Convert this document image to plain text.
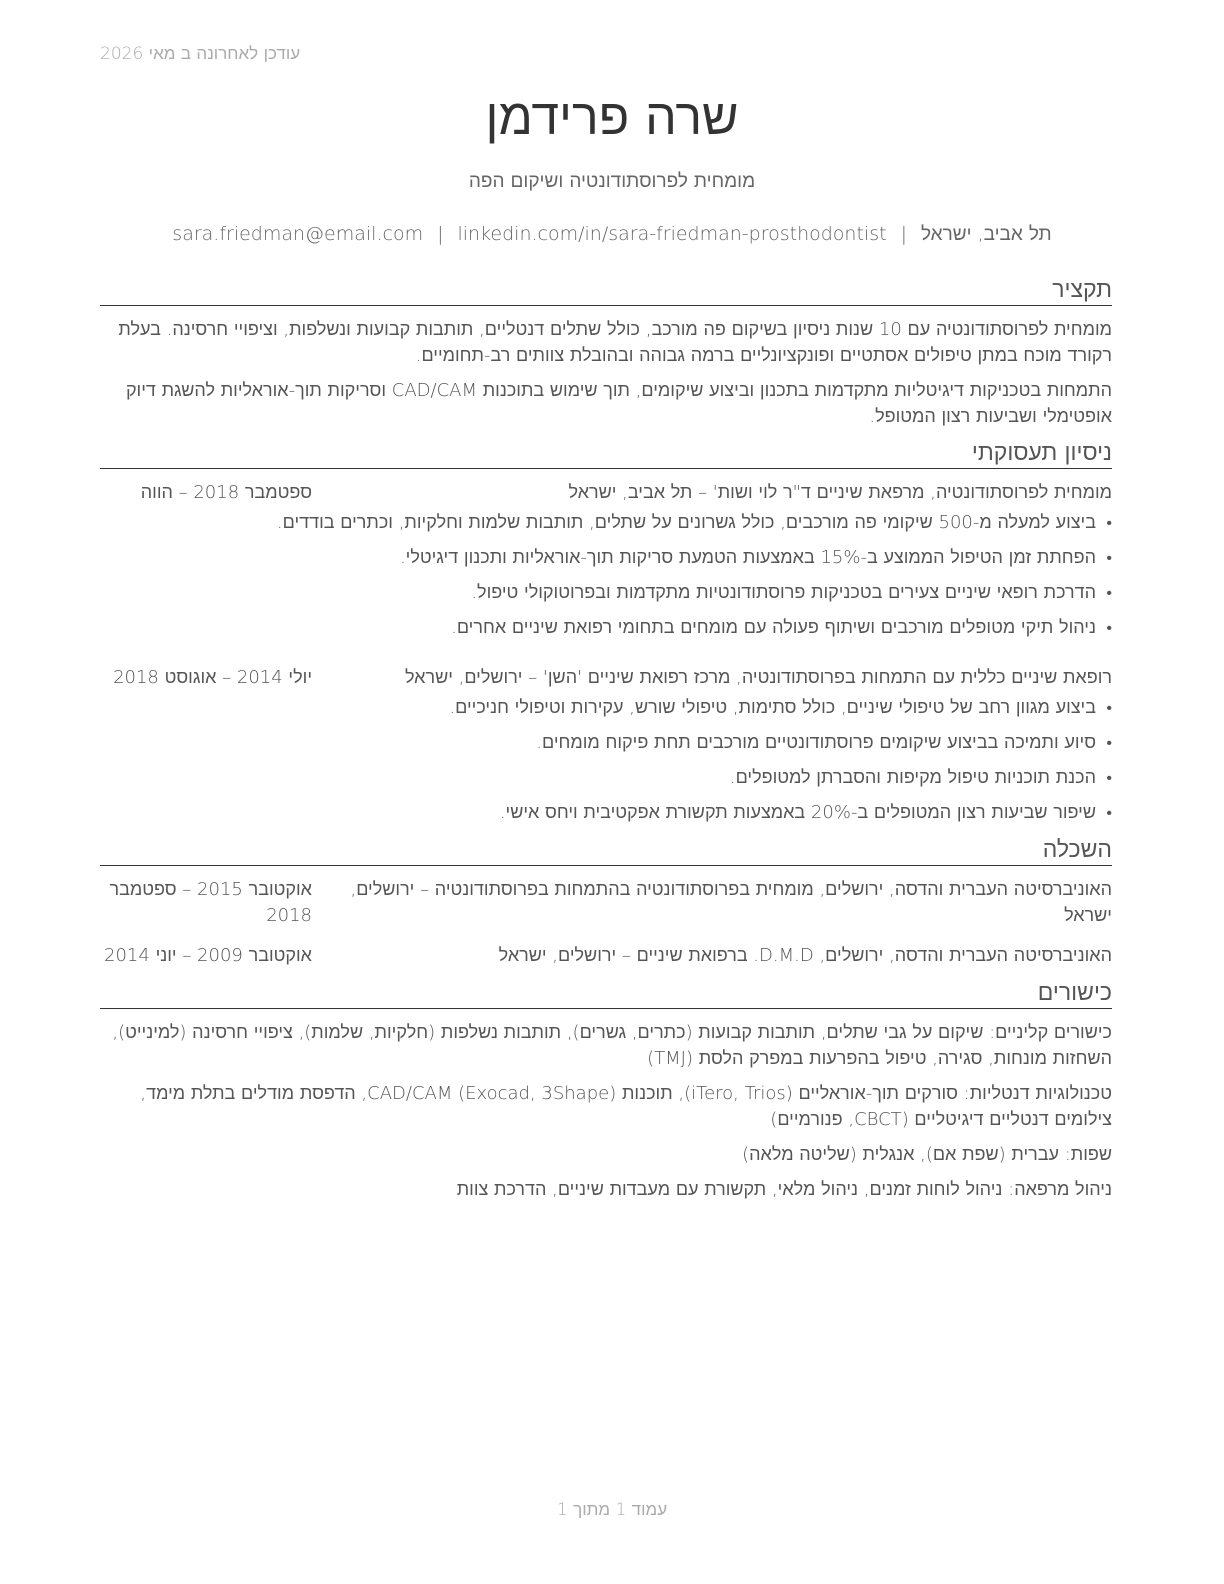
עודכן לאחרונה ב מאי 2026
שרה פרידמן
מומחית לפרוסתודונטיה ושיקום הפה
תל אביב, ישראל|sara.friedman@email.com | linkedin.com/in/sara-friedman-prosthodontist
תקציר

מומחית לפרוסתודונטיה עם 10 שנות ניסיון בשיקום פה מורכב, כולל שתלים דנטליים, תותבות קבועות ונשלפות, וציפויי חרסינה. בעלת רקורד מוכח במתן טיפולים אסתטיים ופונקציונליים ברמה גבוהה ובהובלת צוותים רב-תחומיים.

התמחות בטכניקות דיגיטליות מתקדמות בתכנון וביצוע שיקומים, תוך שימוש בתוכנות CAD/CAM וסריקות תוך-אוראליות להשגת דיוק אופטימלי ושביעות רצון המטופל.

ניסיון תעסוקתי
מומחית לפרוסתודונטיה, מרפאת שיניים ד"ר לוי ושות' – תל אביב, ישראל
ספטמבר 2018 – הווה
•
ביצוע למעלה מ-500 שיקומי פה מורכבים, כולל גשרונים על שתלים, תותבות שלמות וחלקיות, וכתרים בודדים.
•
הפחתת זמן הטיפול הממוצע ב-15% באמצעות הטמעת סריקות תוך-אוראליות ותכנון דיגיטלי.
•
הדרכת רופאי שיניים צעירים בטכניקות פרוסתודונטיות מתקדמות ובפרוטוקולי טיפול.
•
ניהול תיקי מטופלים מורכבים ושיתוף פעולה עם מומחים בתחומי רפואת שיניים אחרים.
רופאת שיניים כללית עם התמחות בפרוסתודונטיה, מרכז רפואת שיניים 'השן' – ירושלים, ישראל
יולי 2014 – אוגוסט 2018
•
ביצוע מגוון רחב של טיפולי שיניים, כולל סתימות, טיפולי שורש, עקירות וטיפולי חניכיים.
•
סיוע ותמיכה בביצוע שיקומים פרוסתודונטיים מורכבים תחת פיקוח מומחים.
•
הכנת תוכניות טיפול מקיפות והסברתן למטופלים.
•
שיפור שביעות רצון המטופלים ב-20% באמצעות תקשורת אפקטיבית ויחס אישי.
השכלה
האוניברסיטה העברית והדסה, ירושלים, מומחית בפרוסתודונטיה בהתמחות בפרוסתודונטיה – ירושלים, ישראל
אוקטובר 2015 – ספטמבר 2018
האוניברסיטה העברית והדסה, ירושלים, D.M.D. ברפואת שיניים – ירושלים, ישראל
אוקטובר 2009 – יוני 2014
כישורים

כישורים קליניים: שיקום על גבי שתלים, תותבות קבועות (כתרים, גשרים), תותבות נשלפות (חלקיות, שלמות), ציפויי חרסינה (למינייט), השחזות מונחות, סגירה, טיפול בהפרעות במפרק הלסת (TMJ)

טכנולוגיות דנטליות: סורקים תוך-אוראליים (iTero, Trios), תוכנות CAD/CAM (Exocad, 3Shape), הדפסת מודלים בתלת מימד, צילומים דנטליים דיגיטליים (CBCT, פנורמיים)

שפות: עברית (שפת אם), אנגלית (שליטה מלאה)

ניהול מרפאה: ניהול לוחות זמנים, ניהול מלאי, תקשורת עם מעבדות שיניים, הדרכת צוות

עמוד 1 מתוך 1
